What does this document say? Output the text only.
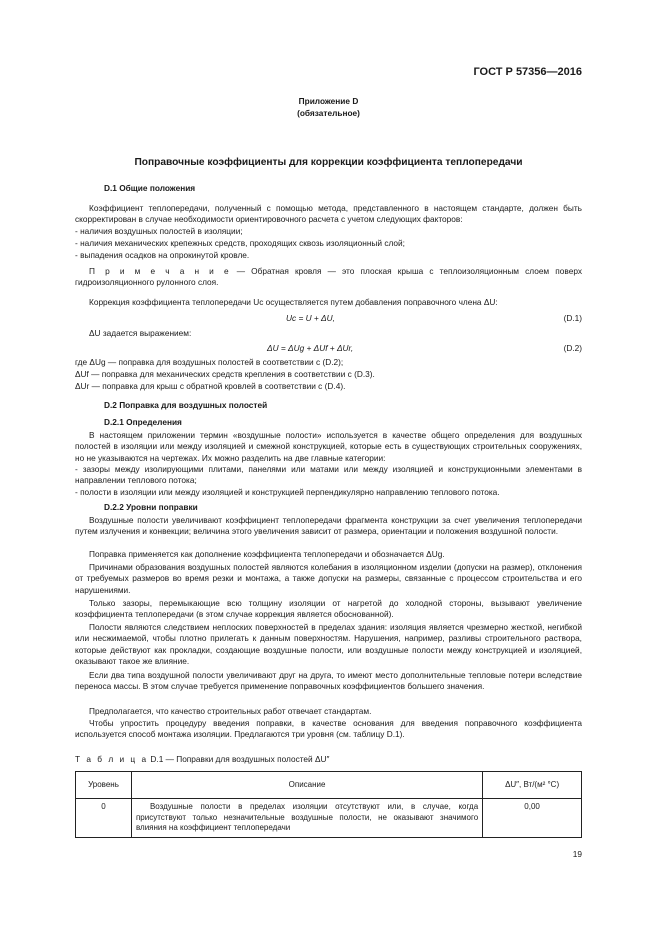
ГОСТ Р 57356—2016
Приложение D
(обязательное)
Поправочные коэффициенты для коррекции коэффициента теплопередачи
D.1 Общие положения
Коэффициент теплопередачи, полученный с помощью метода, представленного в настоящем стандарте, должен быть скорректирован в случае необходимости ориентировочного расчета с учетом следующих факторов:
- наличия воздушных полостей в изоляции;
- наличия механических крепежных средств, проходящих сквозь изоляционный слой;
- выпадения осадков на опрокинутой кровле.
П р и м е ч а н и е — Обратная кровля — это плоская крыша с теплоизоляционным слоем поверх гидроизоляционного рулонного слоя.
Коррекция коэффициента теплопередачи Uc осуществляется путем добавления поправочного члена ΔU:
Uc = U + ΔU,	(D.1)
ΔU задается выражением:
ΔU = ΔUg + ΔUf + ΔUr,	(D.2)
где ΔUg — поправка для воздушных полостей в соответствии с (D.2);
ΔUf — поправка для механических средств крепления в соответствии с (D.3).
ΔUr — поправка для крыш с обратной кровлей в соответствии с (D.4).
D.2 Поправка для воздушных полостей
D.2.1 Определения
В настоящем приложении термин «воздушные полости» используется в качестве общего определения для воздушных полостей в изоляции или между изоляцией и смежной конструкцией, которые есть в существующих строительных сооружениях, но не указываются на чертежах. Их можно разделить на две главные категории:
- зазоры между изолирующими плитами, панелями или матами или между изоляцией и конструкционными элементами в направлении теплового потока;
- полости в изоляции или между изоляцией и конструкцией перпендикулярно направлению теплового потока.
D.2.2 Уровни поправки
Воздушные полости увеличивают коэффициент теплопередачи фрагмента конструкции за счет увеличения теплопередачи путем излучения и конвекции; величина этого увеличения зависит от размера, ориентации и положения воздушной полости.
Поправка применяется как дополнение коэффициента теплопередачи и обозначается ΔUg.
Причинами образования воздушных полостей являются колебания в изоляционном изделии (допуски на размер), отклонения от требуемых размеров во время резки и монтажа, а также допуски на размеры, связанные с процессом строительства и его нарушениями.
Только зазоры, перемыкающие всю толщину изоляции от нагретой до холодной стороны, вызывают увеличение коэффициента теплопередачи (в этом случае коррекция является обоснованной).
Полости являются следствием неплоских поверхностей в пределах здания: изоляция является чрезмерно жесткой, негибкой или несжимаемой, чтобы плотно прилегать к данным поверхностям. Нарушения, например, разливы строительного раствора, которые действуют как прокладки, создающие воздушные полости, или воздушные полости между конструкцией и изоляцией, оказывают такое же влияние.
Если два типа воздушной полости увеличивают друг на друга, то имеют место дополнительные тепловые потери вследствие переноса массы. В этом случае требуется применение поправочных коэффициентов большего значения.
Предполагается, что качество строительных работ отвечает стандартам.
Чтобы упростить процедуру введения поправки, в качестве основания для введения поправочного коэффициента используется способ монтажа изоляции. Предлагаются три уровня (см. таблицу D.1).
Т а б л и ц а D.1 — Поправки для воздушных полостей ΔU″
Уровень	Описание	ΔU″, Вт/(м² °С)
0	Воздушные полости в пределах изоляции отсутствуют или, в случае, когда присутствуют только незначительные воздушные полости, не оказывают значимого влияния на коэффициент теплопередачи	0,00
19
